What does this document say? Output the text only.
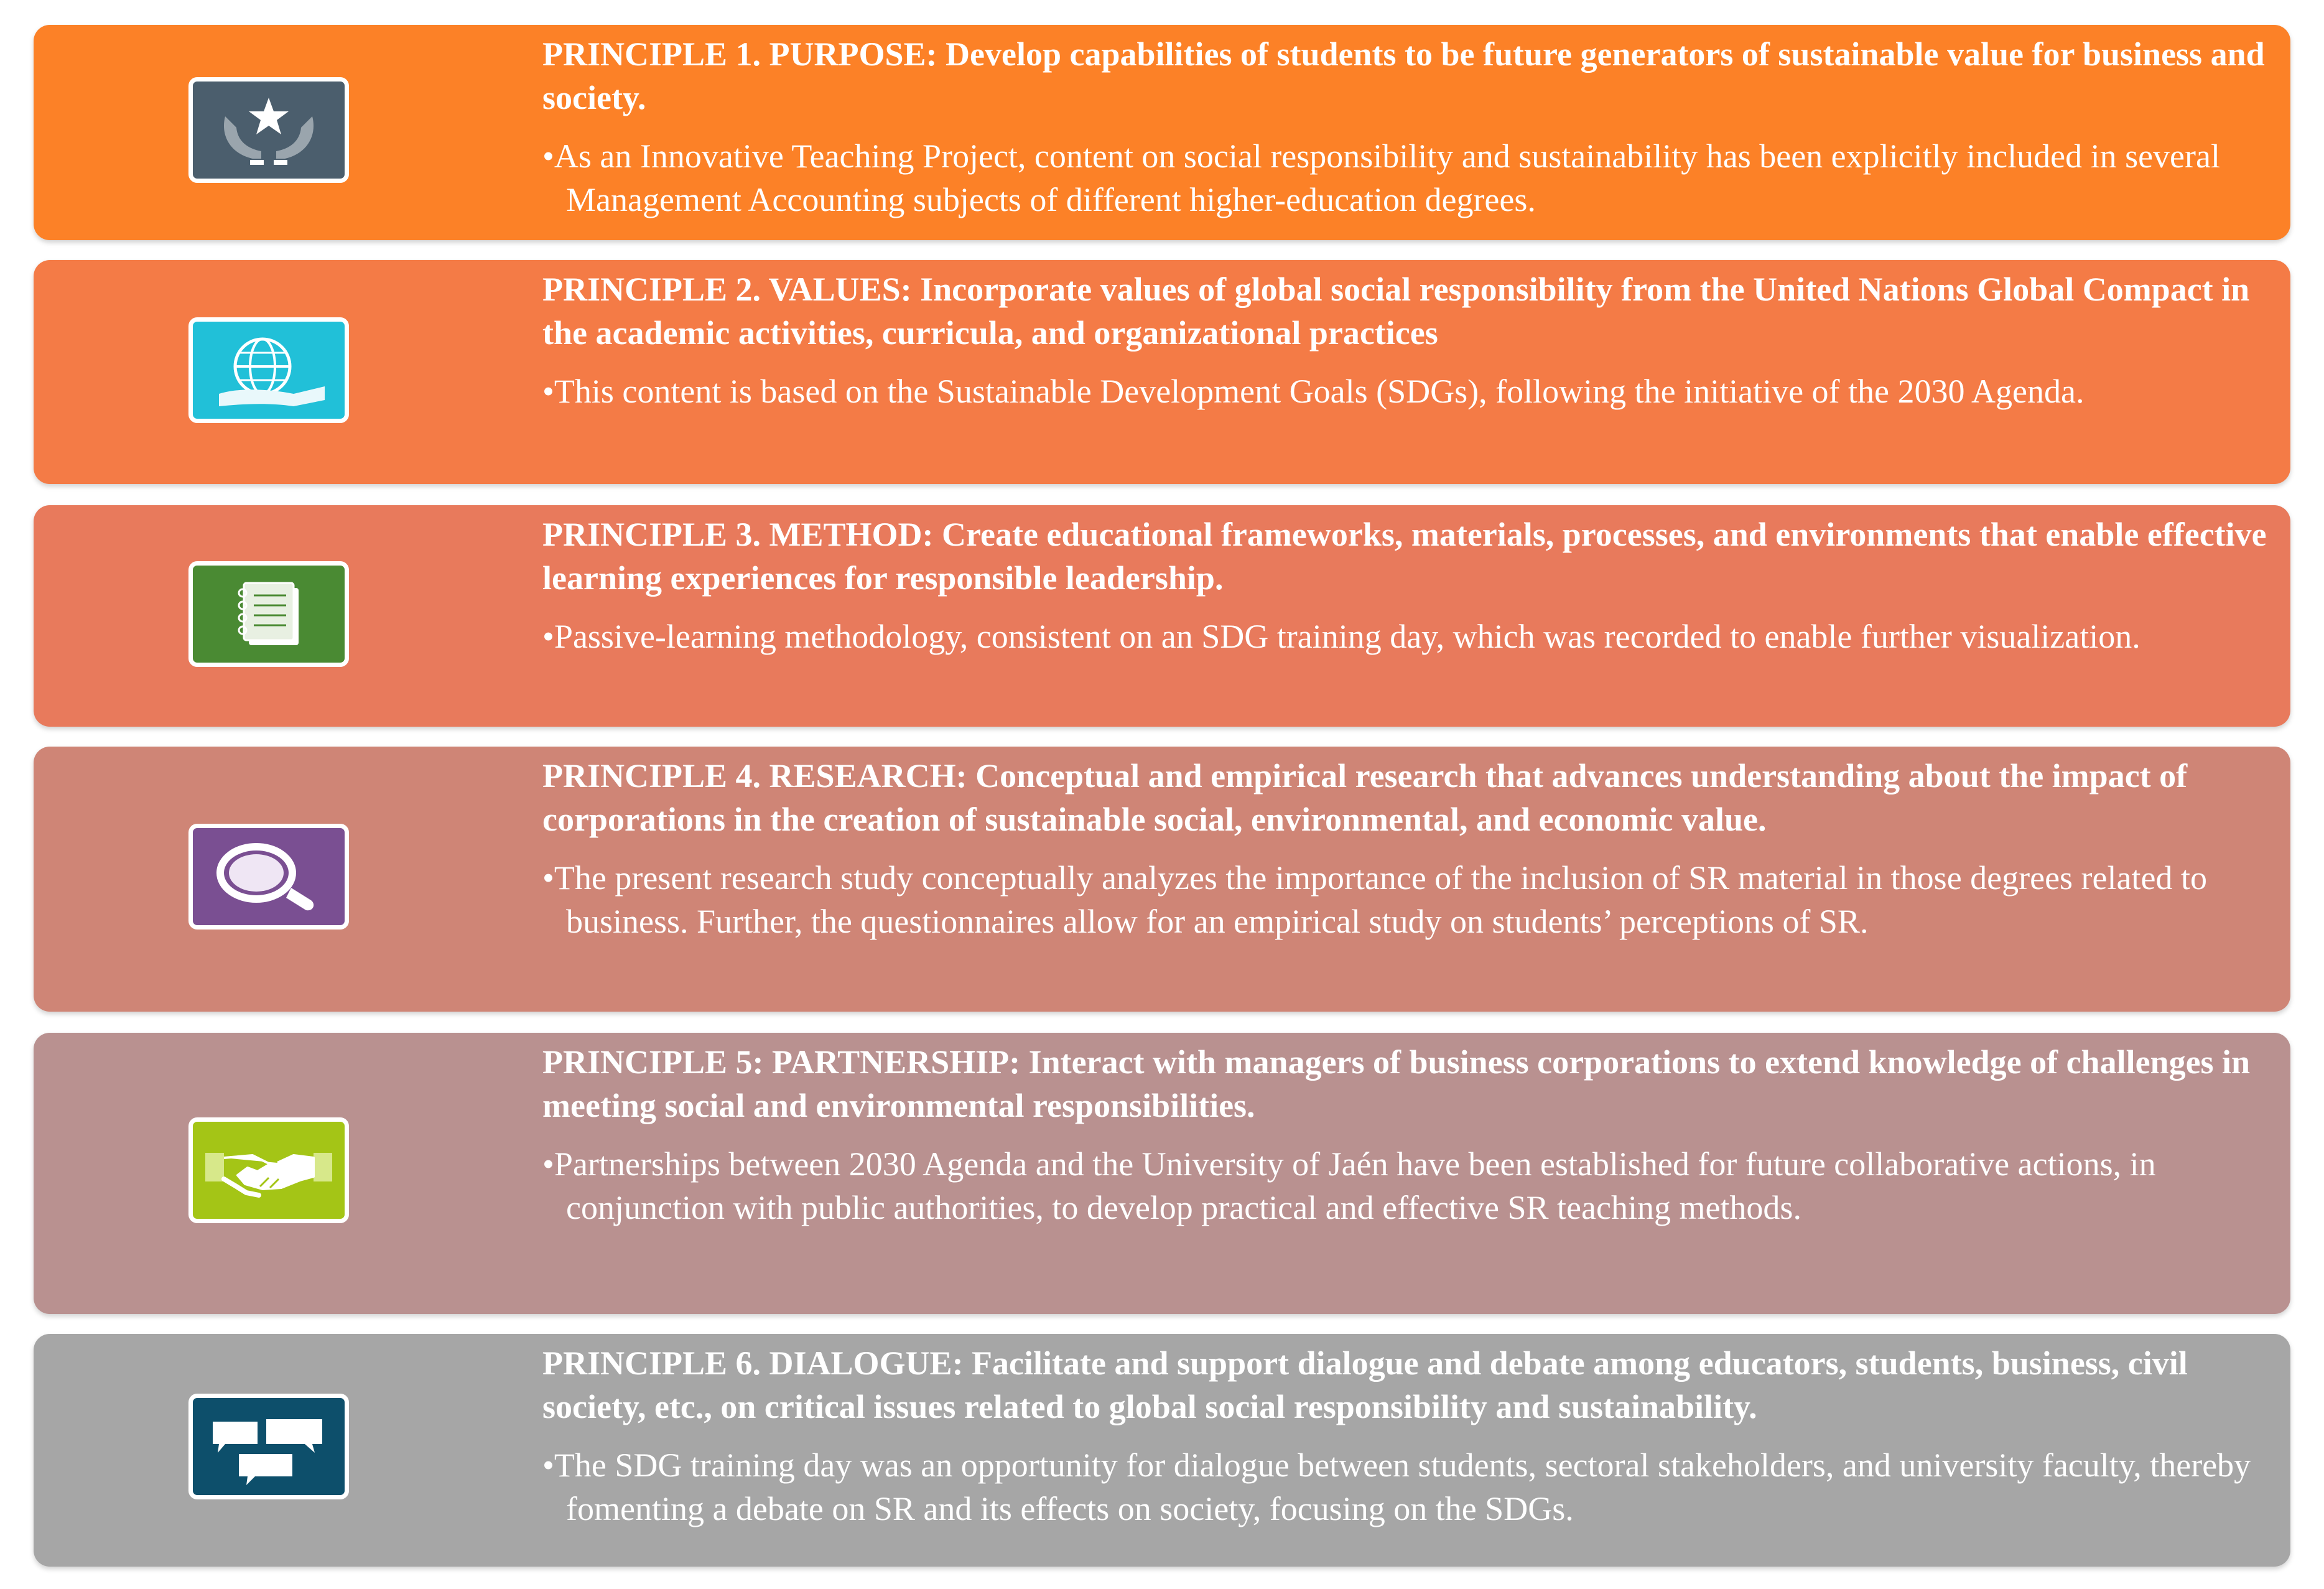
PRINCIPLE 1. PURPOSE: Develop capabilities of students to be future generators of sustainable value for business and society.

•As an Innovative Teaching Project, content on social responsibility and sustainability has been explicitly included in several Management Accounting subjects of different higher-education degrees.

PRINCIPLE 2. VALUES: Incorporate values of global social responsibility from the United Nations Global Compact in the academic activities, curricula, and organizational practices

•This content is based on the Sustainable Development Goals (SDGs), following the initiative of the 2030 Agenda.

PRINCIPLE 3. METHOD: Create educational frameworks, materials, processes, and environments that enable effective learning experiences for responsible leadership.

•Passive-learning methodology, consistent on an SDG training day, which was recorded to enable further visualization.

PRINCIPLE 4. RESEARCH: Conceptual and empirical research that advances understanding about the impact of corporations in the creation of sustainable social, environmental, and economic value.

•The present research study conceptually analyzes the importance of the inclusion of SR material in those degrees related to business. Further, the questionnaires allow for an empirical study on students’ perceptions of SR.

PRINCIPLE 5: PARTNERSHIP: Interact with managers of business corporations to extend knowledge of challenges in meeting social and environmental responsibilities.

•Partnerships between 2030 Agenda and the University of Jaén have been established for future collaborative actions, in conjunction with public authorities, to develop practical and effective SR teaching methods.

PRINCIPLE 6. DIALOGUE: Facilitate and support dialogue and debate among educators, students, business, civil society, etc., on critical issues related to global social responsibility and sustainability.

•The SDG training day was an opportunity for dialogue between students, sectoral stakeholders, and university faculty, thereby fomenting a debate on SR and its effects on society, focusing on the SDGs.
